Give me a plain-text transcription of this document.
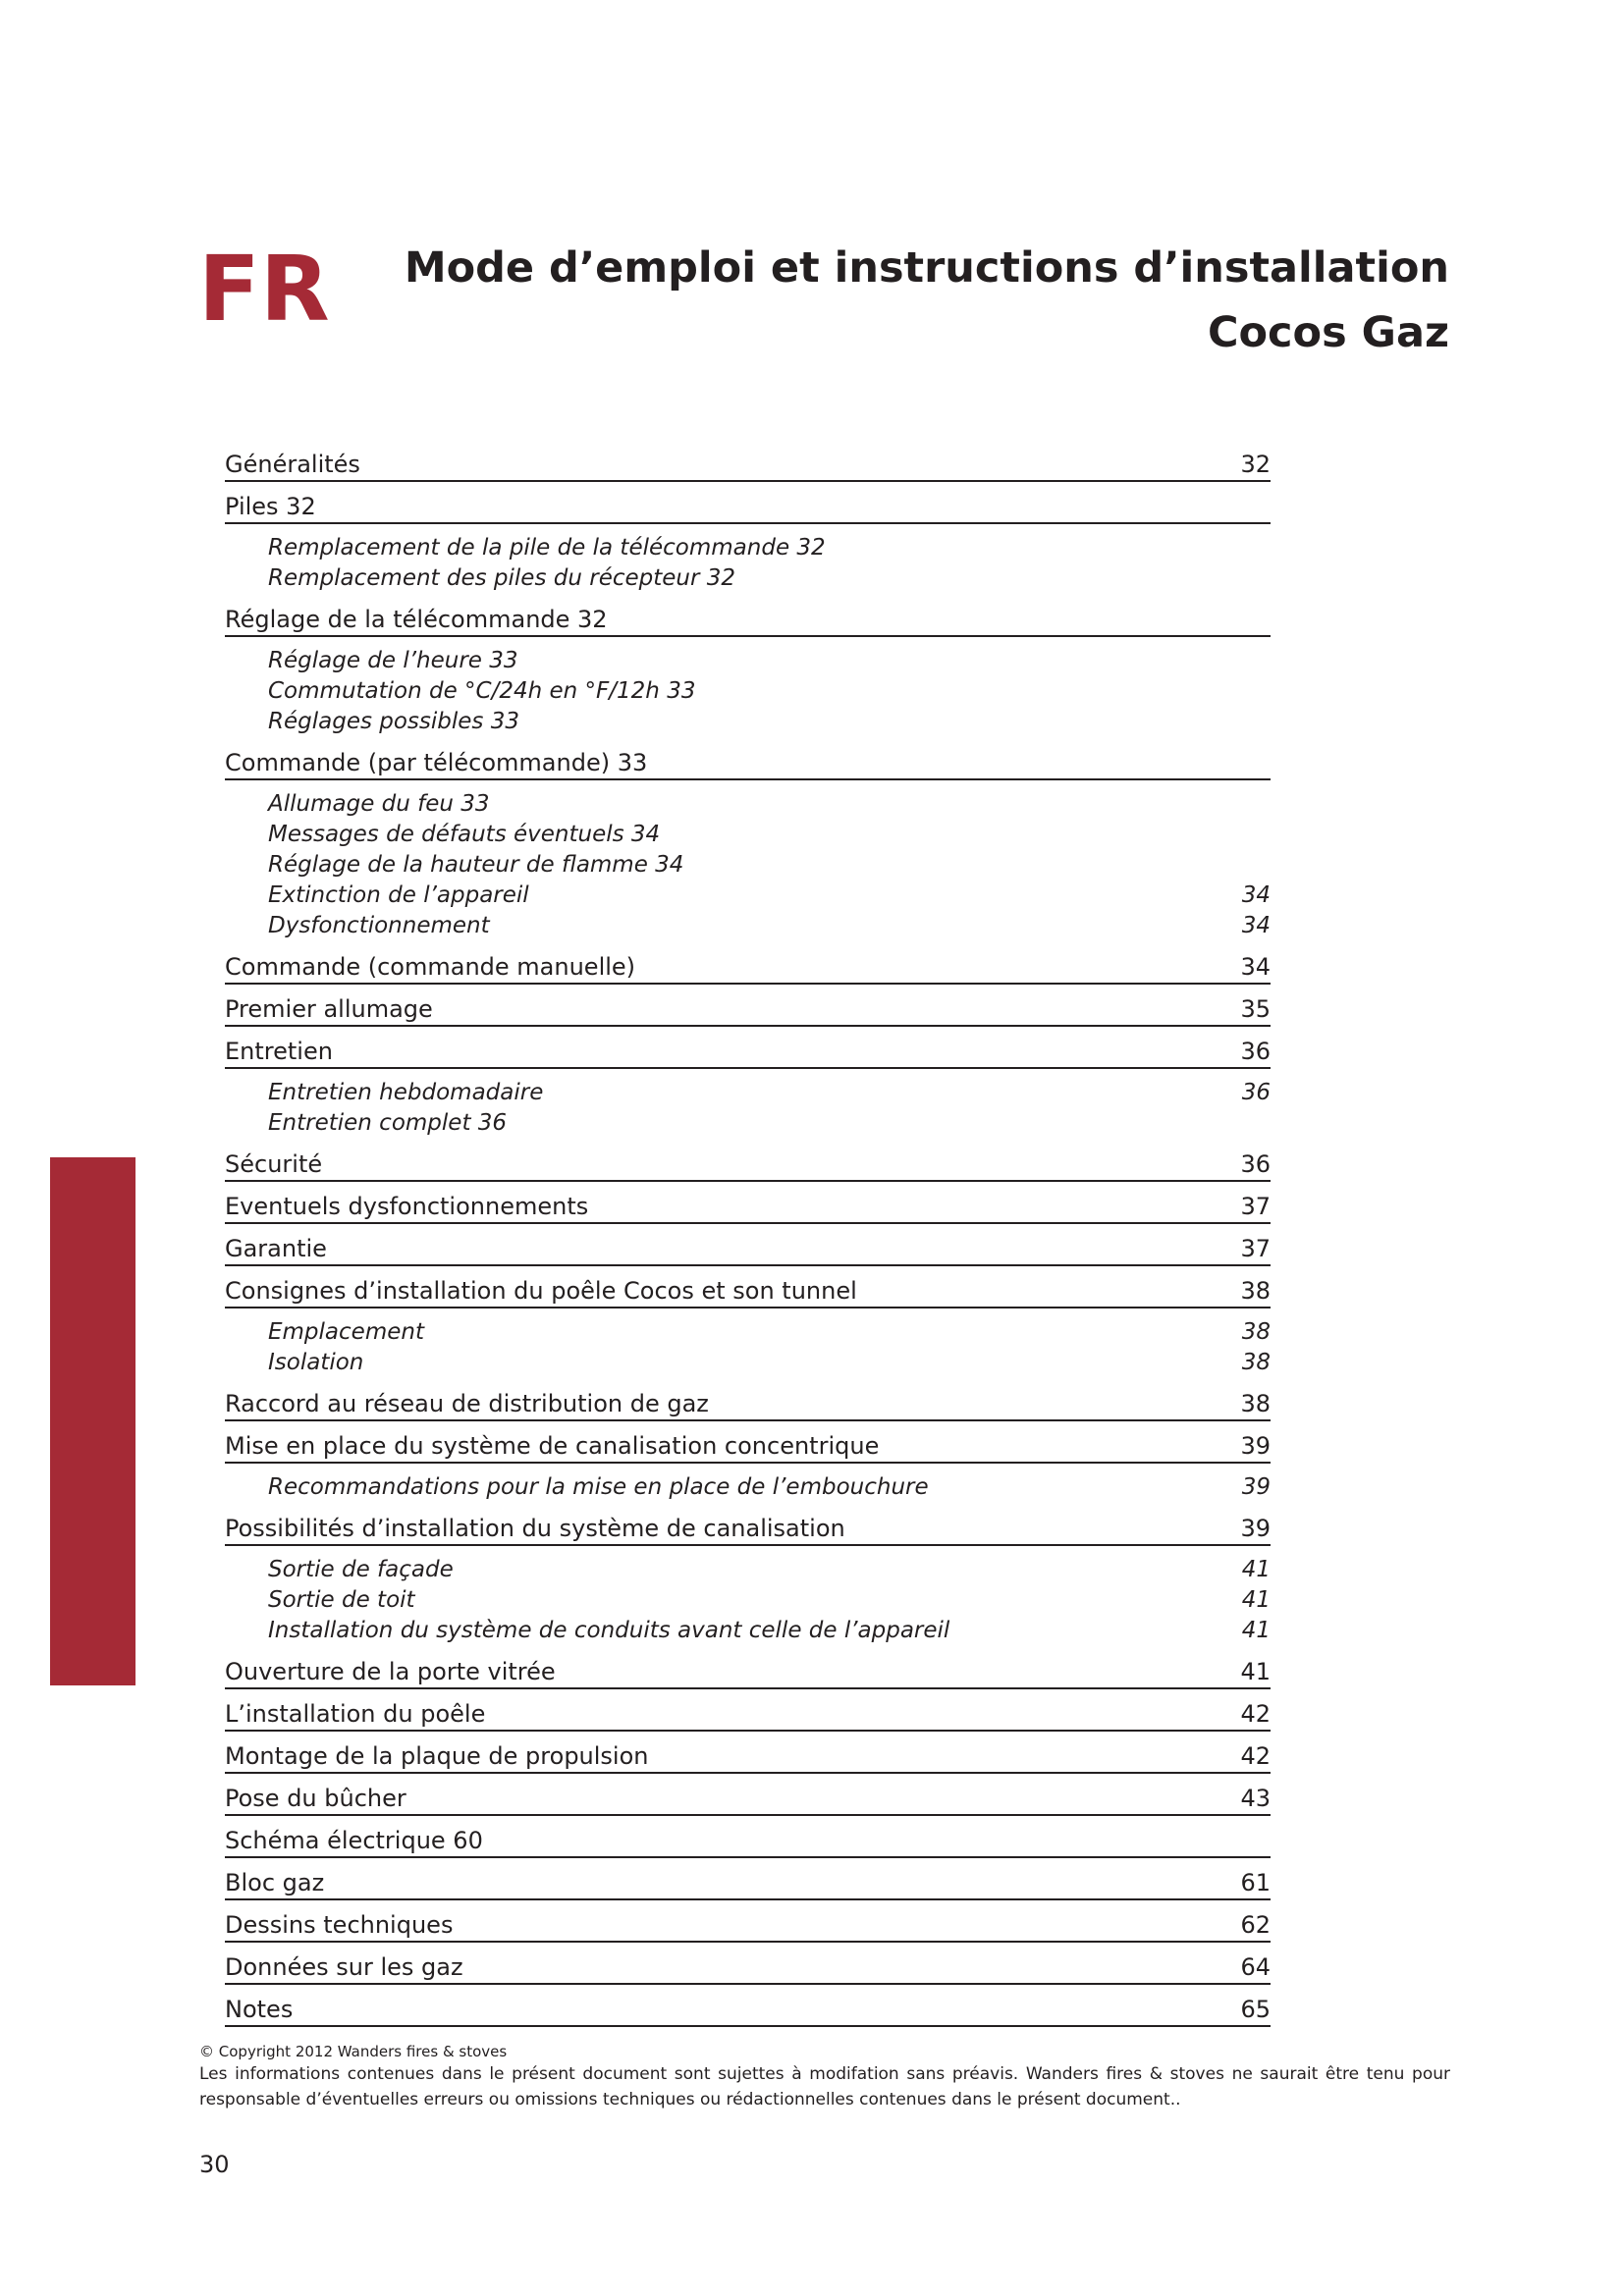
FR Mode d’emploi et instructions d’installation
Cocos Gaz
Généralités	32
Piles 32
Remplacement de la pile de la télécommande 32
Remplacement des piles du récepteur 32
Réglage de la télécommande 32
Réglage de l’heure 33
Commutation de °C/24h en °F/12h 33
Réglages possibles 33
Commande (par télécommande) 33
Allumage du feu 33
Messages de défauts éventuels 34
Réglage de la hauteur de flamme 34
Extinction de l’appareil	34
Dysfonctionnement	34
Commande (commande manuelle)	34
Premier allumage	35
Entretien	36
Entretien hebdomadaire	36
Entretien complet 36
Sécurité	36
Eventuels dysfonctionnements	37
Garantie	37
Consignes d’installation du poêle Cocos et son tunnel	38
Emplacement	38
Isolation	38
Raccord au réseau de distribution de gaz	38
Mise en place du système de canalisation concentrique	39
Recommandations pour la mise en place de l’embouchure	39
Possibilités d’installation du système de canalisation	39
Sortie de façade	41
Sortie de toit	41
Installation du système de conduits avant celle de l’appareil	41
Ouverture de la porte vitrée	41
L’installation du poêle	42
Montage de la plaque de propulsion	42
Pose du bûcher	43
Schéma électrique 60
Bloc gaz	61
Dessins techniques	62
Données sur les gaz	64
Notes	65

© Copyright 2012 Wanders fires & stoves

Les informations contenues dans le présent document sont sujettes à modifation sans préavis. Wanders fires & stoves ne saurait être tenu pour responsable d’éventuelles erreurs ou omissions techniques ou rédactionnelles contenues dans le présent document..

30
